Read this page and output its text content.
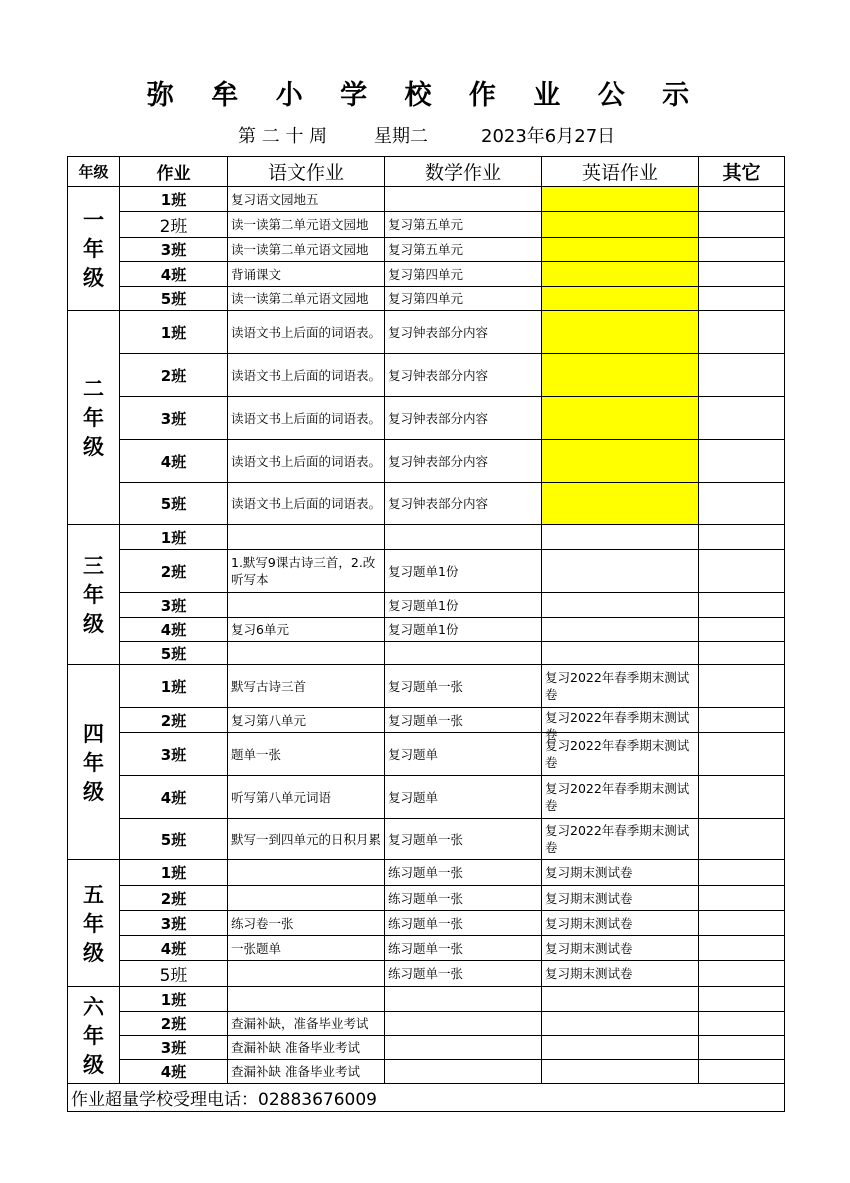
弥 牟 小 学 校 作 业 公 示
第 二 十 周	星期二	2023年6月27日
年级	作业	语文作业	数学作业	英语作业	其它

一
年
级	1班	复习语文园地五			

	2班	读一读第二单元语文园地	复习第五单元		

	3班	读一读第二单元语文园地	复习第五单元		

	4班	背诵课文	复习第四单元		

	5班	读一读第二单元语文园地	复习第四单元		

二
年
级	1班	读语文书上后面的词语表。	复习钟表部分内容		

	2班	读语文书上后面的词语表。	复习钟表部分内容		

	3班	读语文书上后面的词语表。	复习钟表部分内容		

	4班	读语文书上后面的词语表。	复习钟表部分内容		

	5班	读语文书上后面的词语表。	复习钟表部分内容		

三
年
级	1班	

	2班	1.默写9课古诗三首，2.改听写本	复习题单1份		

	3班		复习题单1份		

	4班	复习6单元	复习题单1份		

	5班	

四
年
级	1班	默写古诗三首	复习题单一张	复习2022年春季期末测试卷	

	2班	复习第八单元	复习题单一张	复习2022年春季期末测试卷	

	3班	题单一张	复习题单	复习2022年春季期末测试卷	

	4班	听写第八单元词语	复习题单	复习2022年春季期末测试卷	

	5班	默写一到四单元的日积月累	复习题单一张	复习2022年春季期末测试卷	

五
年
级	1班		练习题单一张	复习期末测试卷	

	2班		练习题单一张	复习期末测试卷	

	3班	练习卷一张	练习题单一张	复习期末测试卷	

	4班	一张题单	练习题单一张	复习期末测试卷	

	5班		练习题单一张	复习期末测试卷	

六
年
级	1班	

	2班	查漏补缺，准备毕业考试			

	3班	查漏补缺 准备毕业考试			

	4班	查漏补缺 准备毕业考试			

作业超量学校受理电话：02883676009					
